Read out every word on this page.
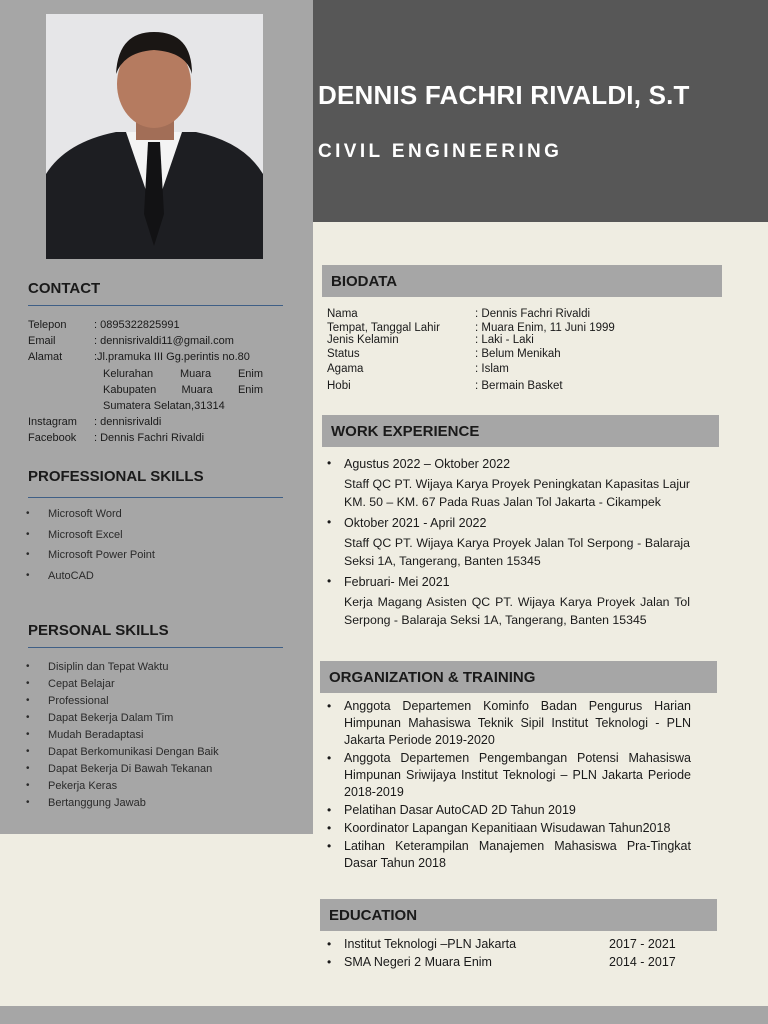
DENNIS FACHRI RIVALDI, S.T
CIVIL ENGINEERING
CONTACT
Telepon	: 0895322825991
Email	: dennisrivaldi11@gmail.com
Alamat	:Jl.pramuka III Gg.perintis no.80
Kelurahan Muara Enim
Kabupaten Muara Enim
Sumatera Selatan,31314
Instagram	: dennisrivaldi
Facebook	: Dennis Fachri Rivaldi
PROFESSIONAL SKILLS
• Microsoft Word
• Microsoft Excel
• Microsoft Power Point
• AutoCAD
PERSONAL SKILLS
• Disiplin dan Tepat Waktu
• Cepat Belajar
• Professional
• Dapat Bekerja Dalam Tim
• Mudah Beradaptasi
• Dapat Berkomunikasi Dengan Baik
• Dapat Bekerja Di Bawah Tekanan
• Pekerja Keras
• Bertanggung Jawab
BIODATA
Nama	: Dennis Fachri Rivaldi
Tempat, Tanggal Lahir	: Muara Enim, 11 Juni 1999
Jenis Kelamin	: Laki - Laki
Status	: Belum Menikah
Agama	: Islam
Hobi	: Bermain Basket
WORK EXPERIENCE
• Agustus 2022 – Oktober 2022
Staff QC PT. Wijaya Karya Proyek Peningkatan Kapasitas Lajur KM. 50 – KM. 67 Pada Ruas Jalan Tol Jakarta - Cikampek
• Oktober 2021 - April 2022
Staff QC PT. Wijaya Karya Proyek Jalan Tol Serpong - Balaraja Seksi 1A, Tangerang, Banten 15345
• Februari- Mei 2021
Kerja Magang Asisten QC PT. Wijaya Karya Proyek Jalan Tol Serpong - Balaraja Seksi 1A, Tangerang, Banten 15345
ORGANIZATION & TRAINING
• Anggota Departemen Kominfo Badan Pengurus Harian Himpunan Mahasiswa Teknik Sipil Institut Teknologi - PLN Jakarta Periode 2019-2020
• Anggota Departemen Pengembangan Potensi Mahasiswa Himpunan Sriwijaya Institut Teknologi – PLN Jakarta Periode 2018-2019
• Pelatihan Dasar AutoCAD 2D Tahun 2019
• Koordinator Lapangan Kepanitiaan Wisudawan Tahun2018
• Latihan Keterampilan Manajemen Mahasiswa Pra-Tingkat Dasar Tahun 2018
EDUCATION
• Institut Teknologi –PLN Jakarta	2017 - 2021
• SMA Negeri 2 Muara Enim	2014 - 2017
